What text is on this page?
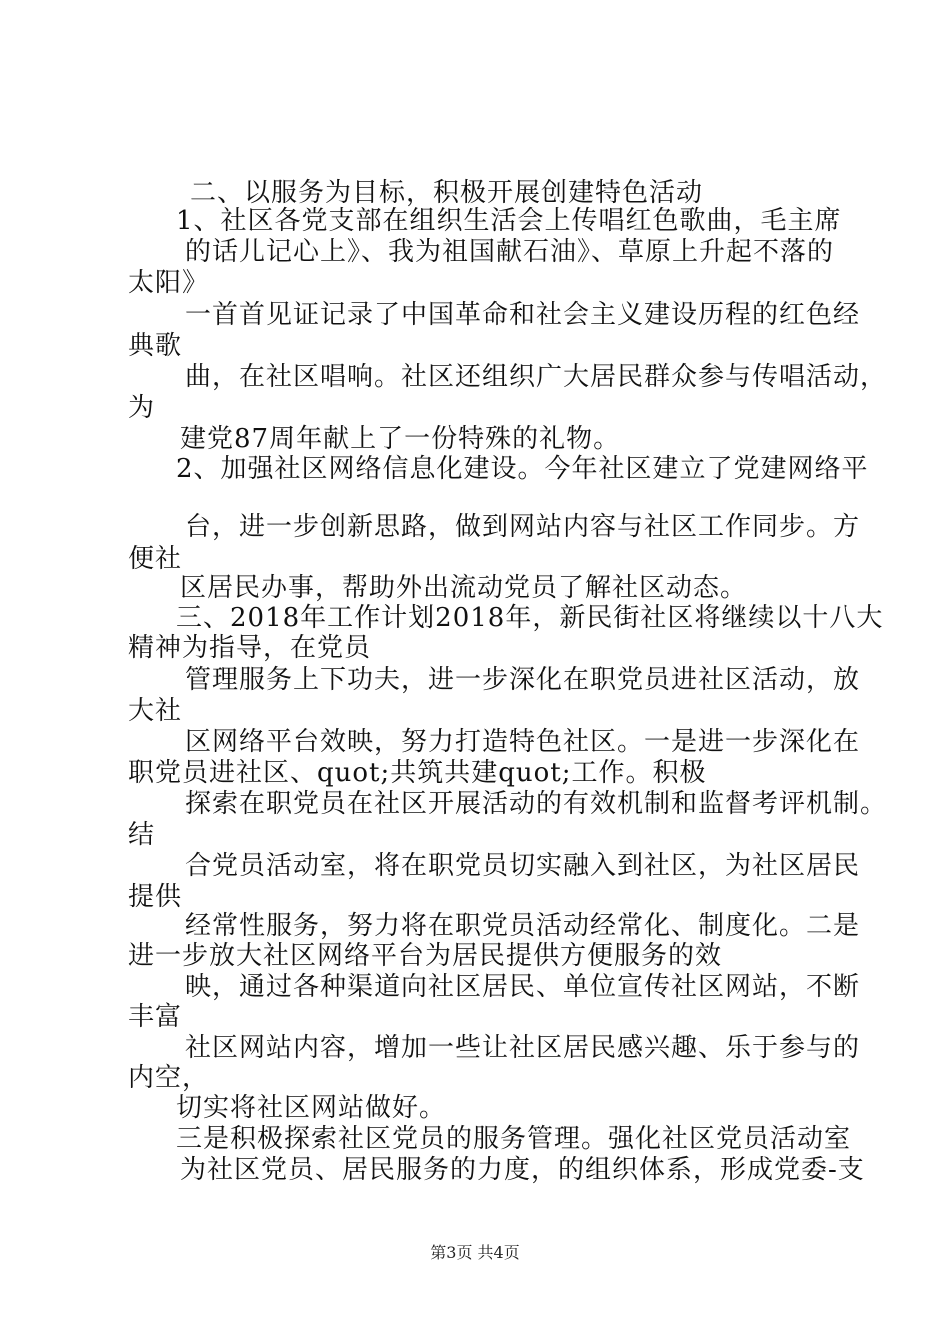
二、以服务为目标，积极开展创建特色活动
1、社区各党支部在组织生活会上传唱红色歌曲，毛主席
的话儿记心上》、我为祖国献石油》、草原上升起不落的
太阳》
一首首见证记录了中国革命和社会主义建设历程的红色经
典歌
曲，在社区唱响。社区还组织广大居民群众参与传唱活动，
为
建党87周年献上了一份特殊的礼物。
2、加强社区网络信息化建设。今年社区建立了党建网络平
台，进一步创新思路，做到网站内容与社区工作同步。方
便社
区居民办事，帮助外出流动党员了解社区动态。
三、2018年工作计划2018年，新民街社区将继续以十八大
精神为指导，在党员
管理服务上下功夫，进一步深化在职党员进社区活动，放
大社
区网络平台效映，努力打造特色社区。一是进一步深化在
职党员进社区、quot;共筑共建quot;工作。积极
探索在职党员在社区开展活动的有效机制和监督考评机制。
结
合党员活动室，将在职党员切实融入到社区，为社区居民
提供
经常性服务，努力将在职党员活动经常化、制度化。二是
进一步放大社区网络平台为居民提供方便服务的效
映，通过各种渠道向社区居民、单位宣传社区网站，不断
丰富
社区网站内容，增加一些让社区居民感兴趣、乐于参与的
内空，
切实将社区网站做好。
三是积极探索社区党员的服务管理。强化社区党员活动室
为社区党员、居民服务的力度，的组织体系，形成党委-支
第3页 共4页
